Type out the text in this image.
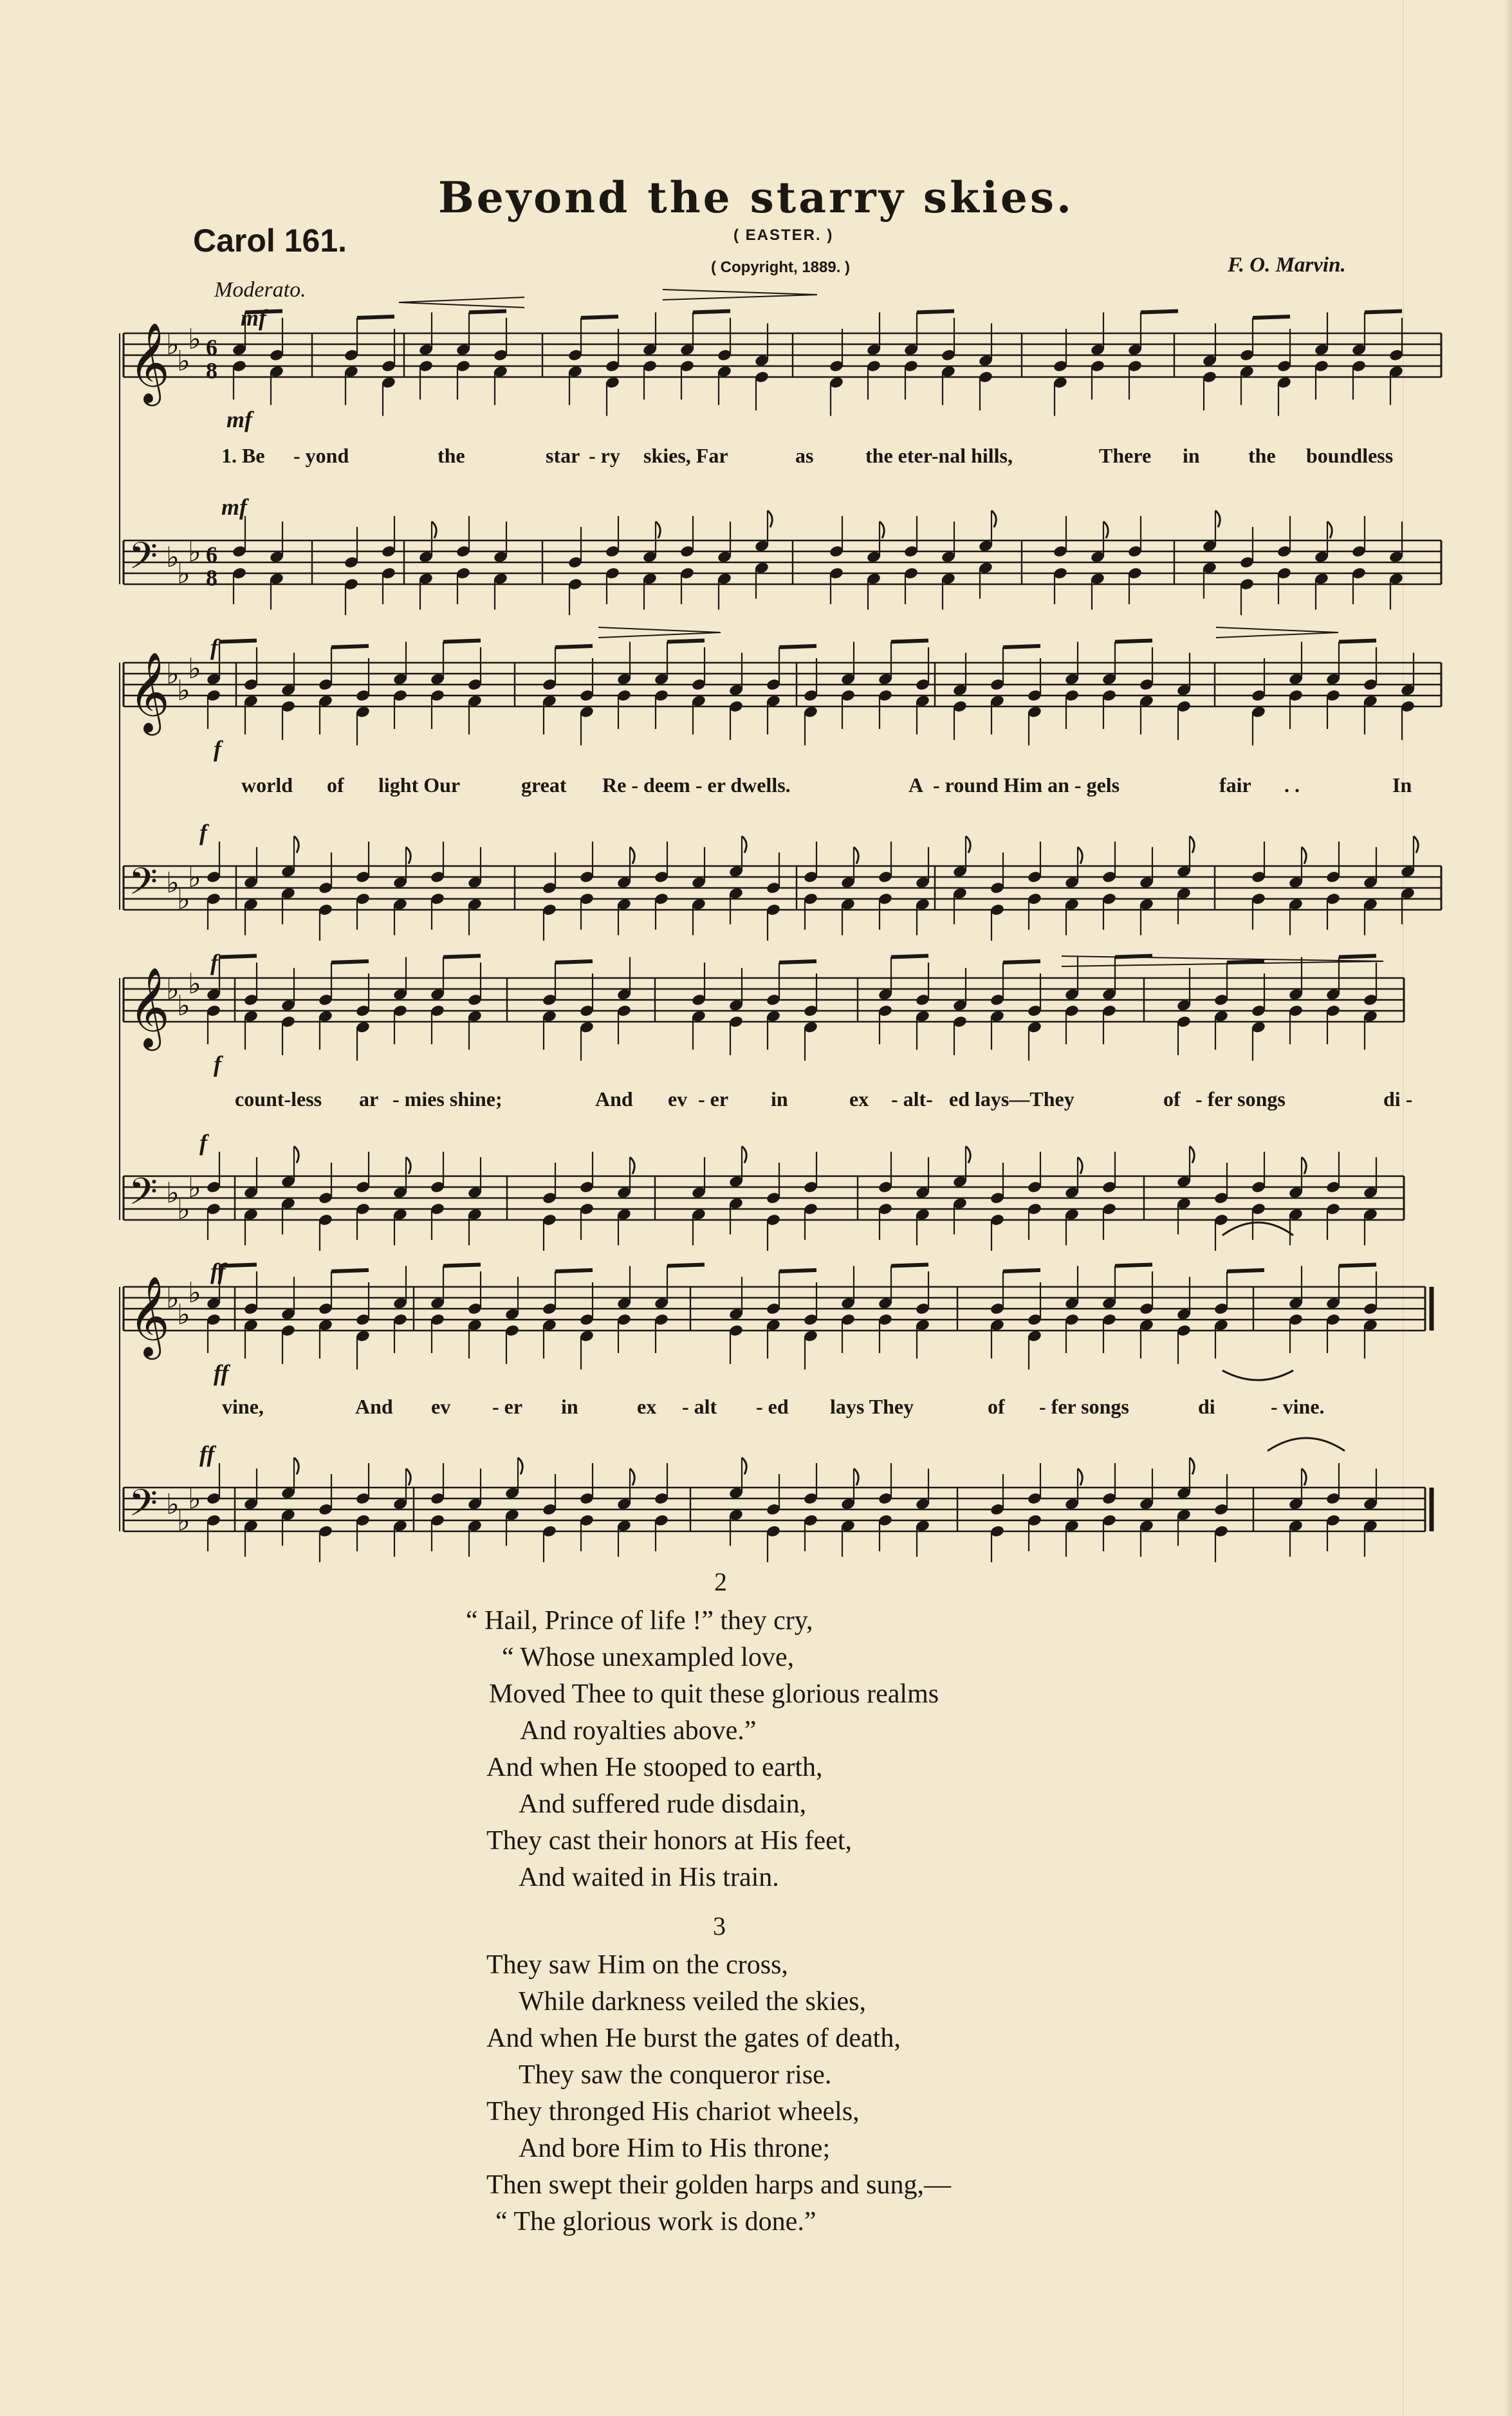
Beyond the starry skies.
Carol 161.	( EASTER. )
( Copyright, 1889. )	F. O. Marvin.
Moderato.
𝄞
♭
♭
♭ 6
8
𝄢 ♭
♭
♭ 6
8
mf
mf
mf
𝄞
♭
♭
♭
𝄢 ♭
♭
♭
f
f
f
𝄞
♭
♭
♭
𝄢 ♭
♭
♭
f
f
f
𝄞
♭
♭
♭
𝄢 ♭
♭
♭
ff
ff
ff
1. Be - yond	the	star - ry skies, Far	as	the eter-nal hills,	There in the boundless
world of light Our	great Re - deem - er dwells.	A - round Him an - gels	fair . .	In
count-less ar - mies shine;	And ev - er in	ex - alt- ed lays—They	of - fer songs	di -
vine,	And ev - er in	ex - alt - ed lays They	of - fer songs	di	- vine.
2
“ Hail, Prince of life !” they cry,
“ Whose unexampled love,
Moved Thee to quit these glorious realms
And royalties above.”
And when He stooped to earth,
And suffered rude disdain,
They cast their honors at His feet,
And waited in His train.
3
They saw Him on the cross,
While darkness veiled the skies,
And when He burst the gates of death,
They saw the conqueror rise.
They thronged His chariot wheels,
And bore Him to His throne;
Then swept their golden harps and sung,—
“ The glorious work is done.”
